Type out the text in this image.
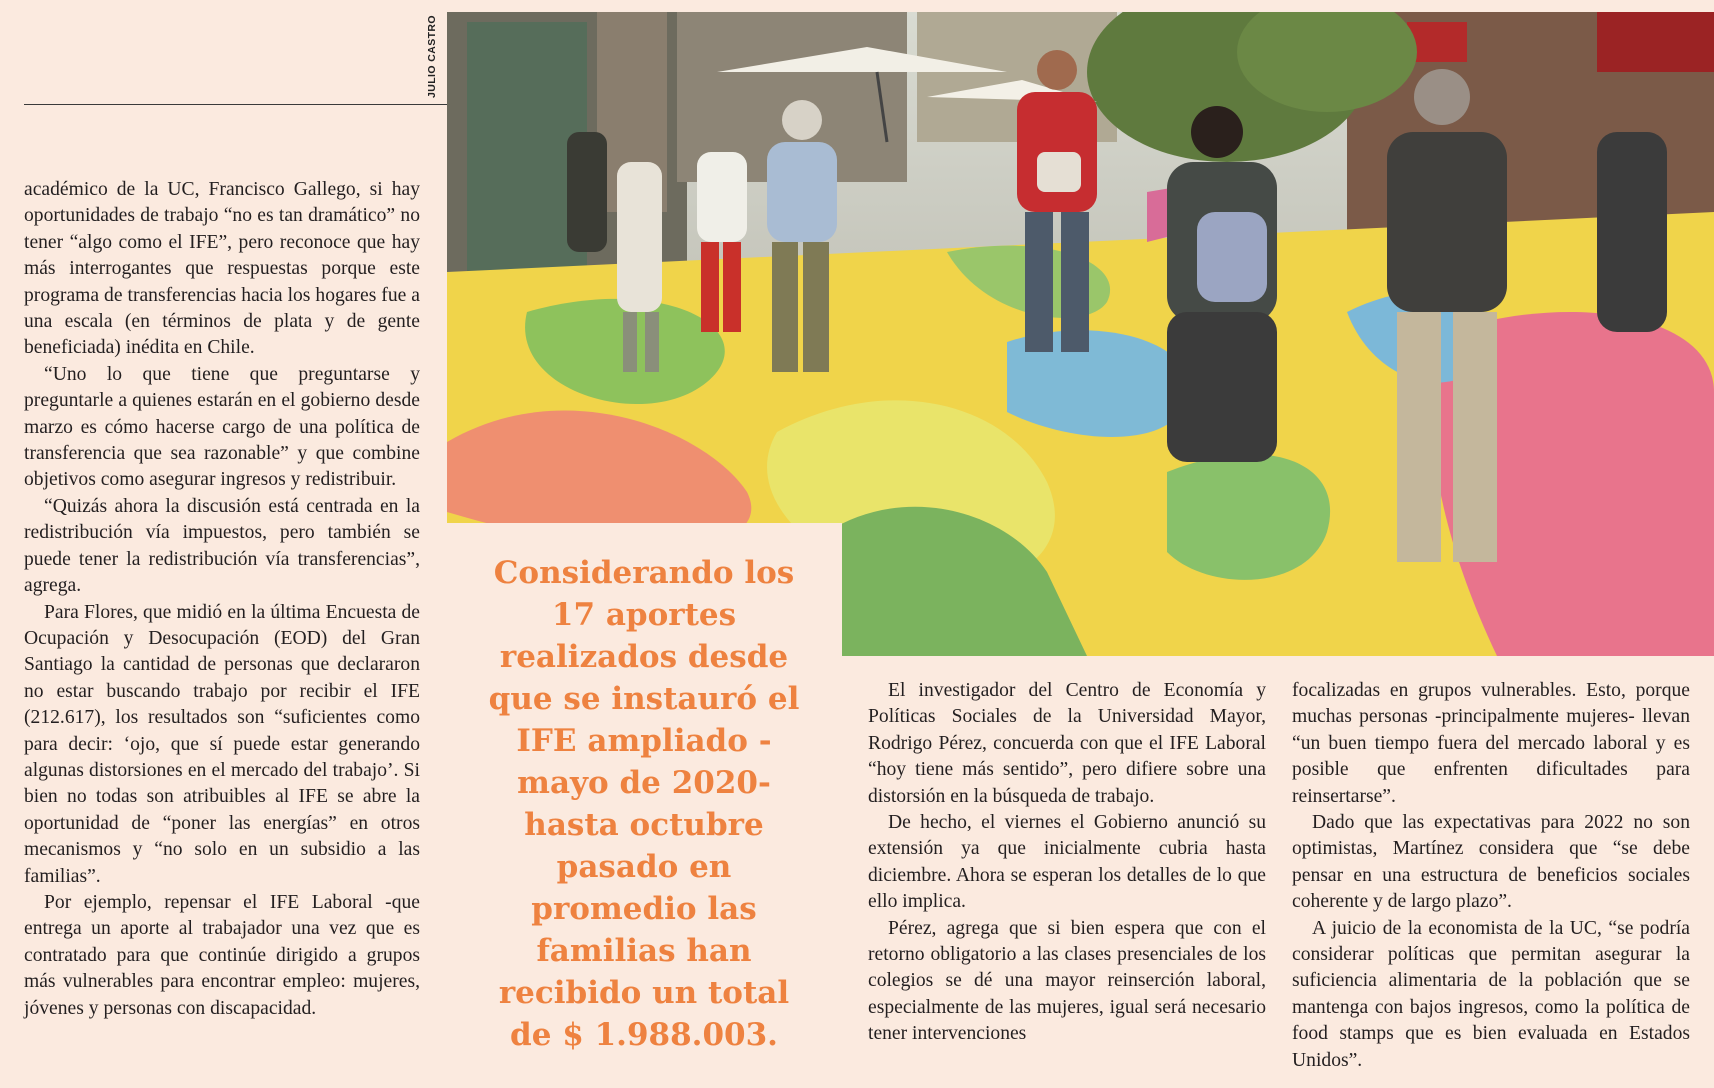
JULIO CASTRO
Considerando los 17 aportes realizados desde que se instauró el IFE ampliado -mayo de 2020- hasta octubre pasado en promedio las familias han recibido un total de $ 1.988.003.

académico de la UC, Francisco Gallego, si hay oportunidades de trabajo “no es tan dramático” no tener “algo como el IFE”, pero reconoce que hay más interrogantes que respuestas porque este programa de transferencias hacia los hogares fue a una escala (en términos de plata y de gente beneficiada) inédita en Chile.

“Uno lo que tiene que preguntarse y preguntarle a quienes estarán en el gobierno desde marzo es cómo hacerse cargo de una política de transferencia que sea razonable” y que combine objetivos como asegurar ingresos y redistribuir.

“Quizás ahora la discusión está centrada en la redistribución vía impuestos, pero también se puede tener la redistribución vía transferencias”, agrega.

Para Flores, que midió en la última Encuesta de Ocupación y Desocupación (EOD) del Gran Santiago la cantidad de personas que declararon no estar buscando trabajo por recibir el IFE (212.617), los resultados son “suficientes como para decir: ‘ojo, que sí puede estar generando algunas distorsiones en el mercado del trabajo’. Si bien no todas son atribuibles al IFE se abre la oportunidad de “poner las energías” en otros mecanismos y “no solo en un subsidio a las familias”.

Por ejemplo, repensar el IFE Laboral -que entrega un aporte al trabajador una vez que es contratado para que continúe dirigido a grupos más vulnerables para encontrar empleo: mujeres, jóvenes y personas con discapacidad.

El investigador del Centro de Economía y Políticas Sociales de la Universidad Mayor, Rodrigo Pérez, concuerda con que el IFE Laboral “hoy tiene más sentido”, pero difiere sobre una distorsión en la búsqueda de trabajo.

De hecho, el viernes el Gobierno anunció su extensión ya que inicialmente cubria hasta diciembre. Ahora se esperan los detalles de lo que ello implica.

Pérez, agrega que si bien espera que con el retorno obligatorio a las clases presenciales de los colegios se dé una mayor reinserción laboral, especialmente de las mujeres, igual será necesario tener intervenciones

focalizadas en grupos vulnerables. Esto, porque muchas personas -principalmente mujeres- llevan “un buen tiempo fuera del mercado laboral y es posible que enfrenten dificultades para reinsertarse”.

Dado que las expectativas para 2022 no son optimistas, Martínez considera que “se debe pensar en una estructura de beneficios sociales coherente y de largo plazo”.

A juicio de la economista de la UC, “se podría considerar políticas que permitan asegurar la suficiencia alimentaria de la población que se mantenga con bajos ingresos, como la política de food stamps que es bien evaluada en Estados Unidos”.
